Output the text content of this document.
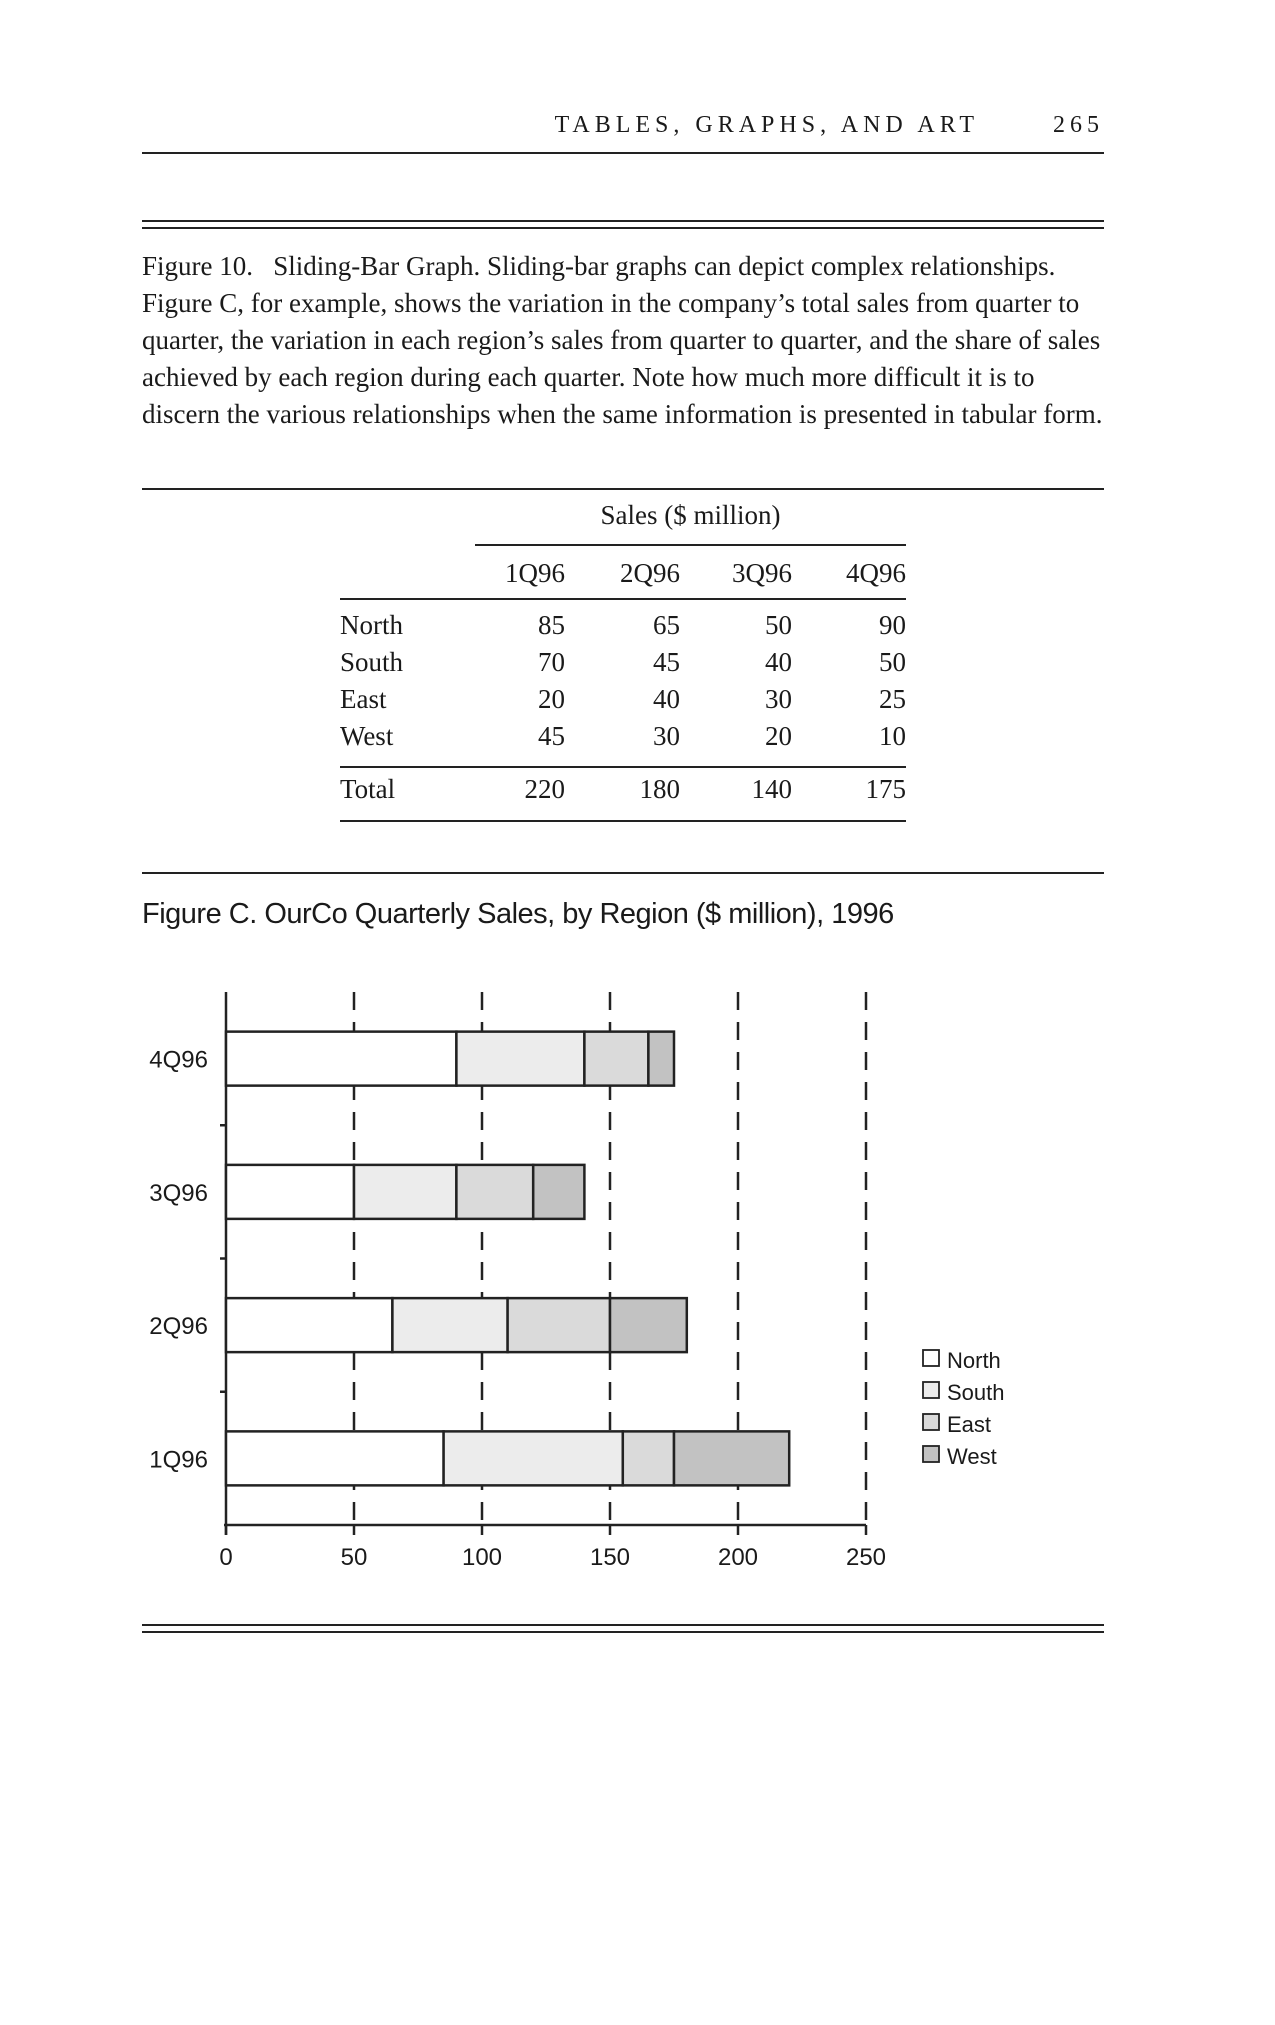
TABLES, GRAPHS, AND ART	265

Figure 10. Sliding-Bar Graph. Sliding-bar graphs can depict complex relationships. Figure C, for example, shows the variation in the company’s total sales from quarter to quarter, the variation in each region’s sales from quarter to quarter, and the share of sales achieved by each region during each quarter. Note how much more difficult it is to discern the various relationships when the same information is presented in tabular form.

Sales ($ million)
1Q96	2Q96	3Q96	4Q96
North	85	65	50	90
South	70	45	40	50
East	20	40	30	25
West	45	30	20	10
Total	220	180	140	175
Figure C. OurCo Quarterly Sales, by Region ($ million), 1996
0	50	100	150	200	250
4Q96
3Q96
2Q96
1Q96
North
South
East
West
